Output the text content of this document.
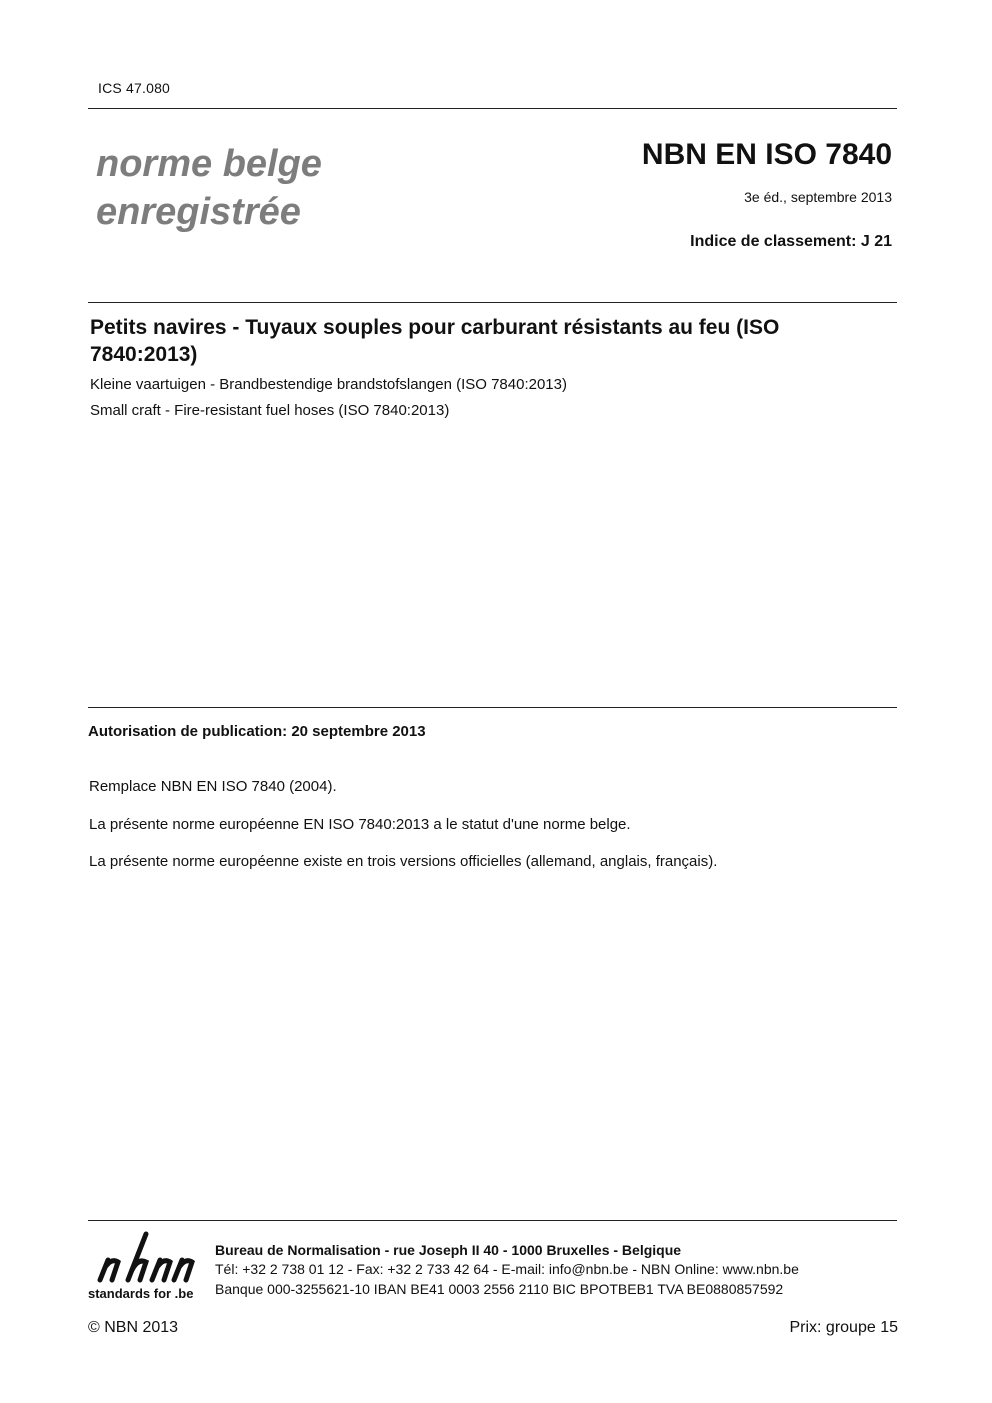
ICS 47.080
norme belge
enregistrée
NBN EN ISO 7840
3e éd., septembre 2013
Indice de classement: J 21
Petits navires - Tuyaux souples pour carburant résistants au feu (ISO 7840:2013)
Kleine vaartuigen - Brandbestendige brandstofslangen (ISO 7840:2013)
Small craft - Fire-resistant fuel hoses (ISO 7840:2013)
Autorisation de publication: 20 septembre 2013
Remplace NBN EN ISO 7840 (2004).
La présente norme européenne EN ISO 7840:2013 a le statut d'une norme belge.
La présente norme européenne existe en trois versions officielles (allemand, anglais, français).
standards for .be
Bureau de Normalisation - rue Joseph II 40 - 1000 Bruxelles - Belgique
Tél: +32 2 738 01 12 - Fax: +32 2 733 42 64 - E-mail: info@nbn.be - NBN Online: www.nbn.be
Banque 000-3255621-10 IBAN BE41 0003 2556 2110 BIC BPOTBEB1 TVA BE0880857592
© NBN 2013	Prix: groupe 15
